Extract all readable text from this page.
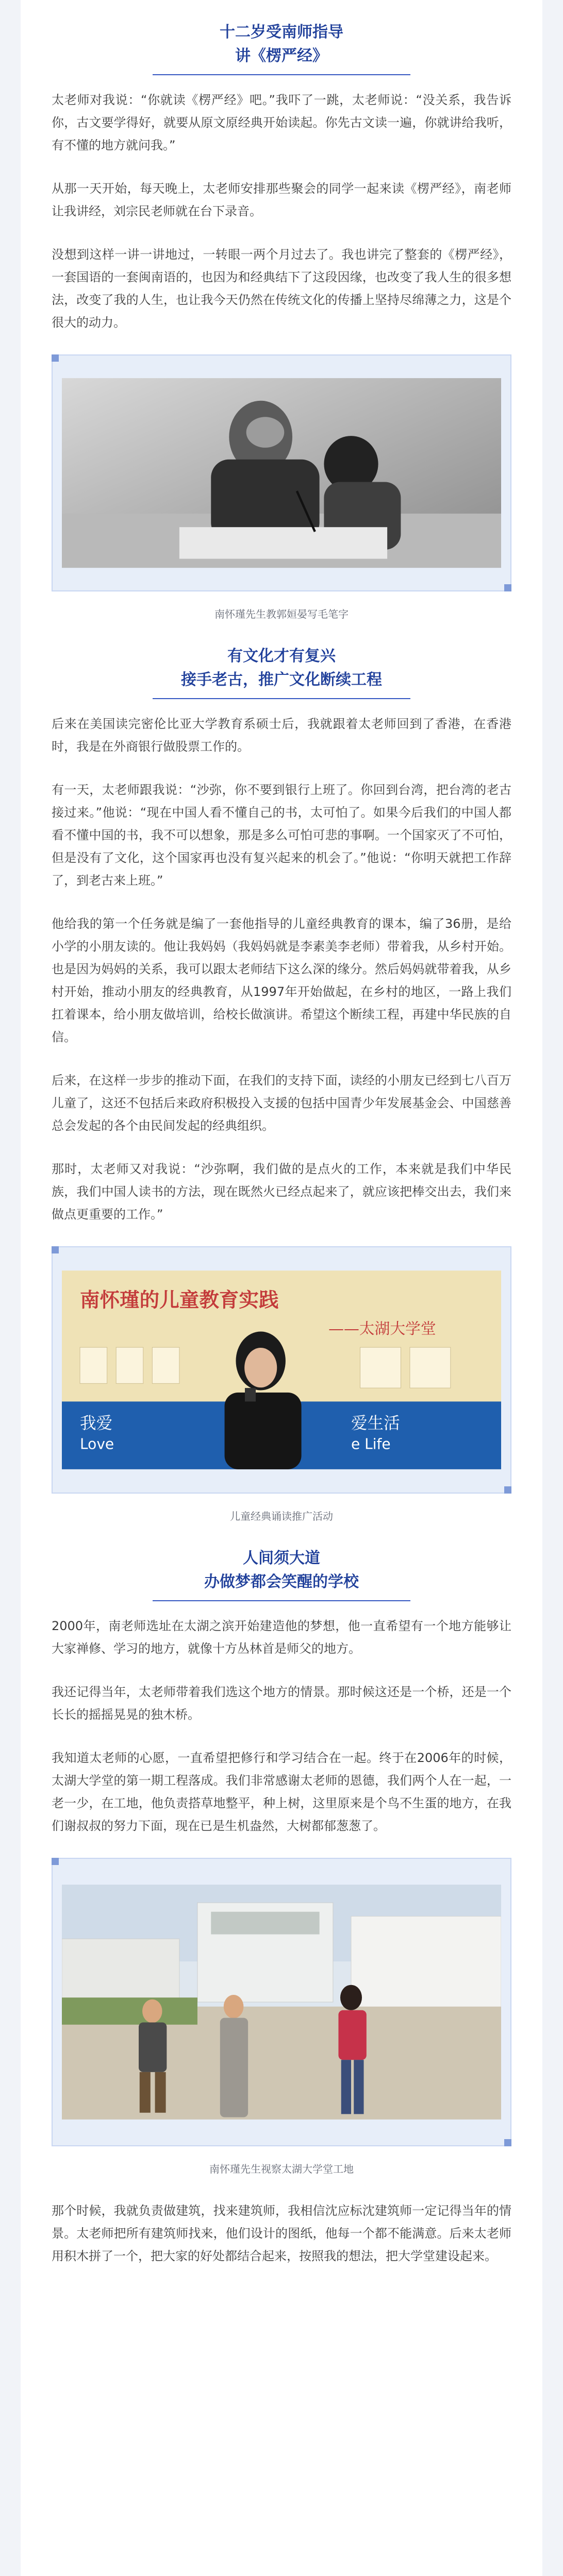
十二岁受南师指导
讲《楞严经》

太老师对我说：“你就读《楞严经》吧。”我吓了一跳，太老师说：“没关系，我告诉你，古文要学得好，就要从原文原经典开始读起。你先古文读一遍，你就讲给我听，有不懂的地方就问我。”

从那一天开始，每天晚上，太老师安排那些聚会的同学一起来读《楞严经》，南老师让我讲经，刘宗民老师就在台下录音。

没想到这样一讲一讲地过，一转眼一两个月过去了。我也讲完了整套的《楞严经》，一套国语的一套闽南语的，也因为和经典结下了这段因缘，也改变了我人生的很多想法，改变了我的人生，也让我今天仍然在传统文化的传播上坚持尽绵薄之力，这是个很大的动力。

南怀瑾先生教郭姮晏写毛笔字

有文化才有复兴
接手老古，推广文化断续工程

后来在美国读完密伦比亚大学教育系硕士后，我就跟着太老师回到了香港，在香港时，我是在外商银行做股票工作的。

有一天，太老师跟我说：“沙弥，你不要到银行上班了。你回到台湾，把台湾的老古接过来。”他说：“现在中国人看不懂自己的书，太可怕了。如果今后我们的中国人都看不懂中国的书，我不可以想象，那是多么可怕可悲的事啊。一个国家灭了不可怕，但是没有了文化，这个国家再也没有复兴起来的机会了。”他说：“你明天就把工作辞了，到老古来上班。”

他给我的第一个任务就是编了一套他指导的儿童经典教育的课本，编了36册，是给小学的小朋友读的。他让我妈妈（我妈妈就是李素美李老师）带着我，从乡村开始。也是因为妈妈的关系，我可以跟太老师结下这么深的缘分。然后妈妈就带着我，从乡村开始，推动小朋友的经典教育，从1997年开始做起，在乡村的地区，一路上我们扛着课本，给小朋友做培训，给校长做演讲。希望这个断续工程，再建中华民族的自信。

后来，在这样一步步的推动下面，在我们的支持下面，读经的小朋友已经到七八百万儿童了，这还不包括后来政府积极投入支援的包括中国青少年发展基金会、中国慈善总会发起的各个由民间发起的经典组织。

那时，太老师又对我说：“沙弥啊，我们做的是点火的工作，本来就是我们中华民族，我们中国人读书的方法，现在既然火已经点起来了，就应该把棒交出去，我们来做点更重要的工作。”

南怀瑾的儿童教育实践
——太湖大学堂
我爱
Love
爱生活
e Life

儿童经典诵读推广活动

人间须大道
办做梦都会笑醒的学校

2000年，南老师选址在太湖之滨开始建造他的梦想，他一直希望有一个地方能够让大家禅修、学习的地方，就像十方丛林首是师父的地方。

我还记得当年，太老师带着我们选这个地方的情景。那时候这还是一个桥，还是一个长长的摇摇晃晃的独木桥。

我知道太老师的心愿，一直希望把修行和学习结合在一起。终于在2006年的时候，太湖大学堂的第一期工程落成。我们非常感谢太老师的恩德，我们两个人在一起，一老一少，在工地，他负责搭草地整平，种上树，这里原来是个鸟不生蛋的地方，在我们谢叔叔的努力下面，现在已是生机盎然，大树都郁葱葱了。

南怀瑾先生视察太湖大学堂工地

那个时候，我就负责做建筑，找来建筑师，我相信沈应标沈建筑师一定记得当年的情景。太老师把所有建筑师找来，他们设计的图纸，他每一个都不能满意。后来太老师用积木拼了一个，把大家的好处都结合起来，按照我的想法，把大学堂建设起来。
